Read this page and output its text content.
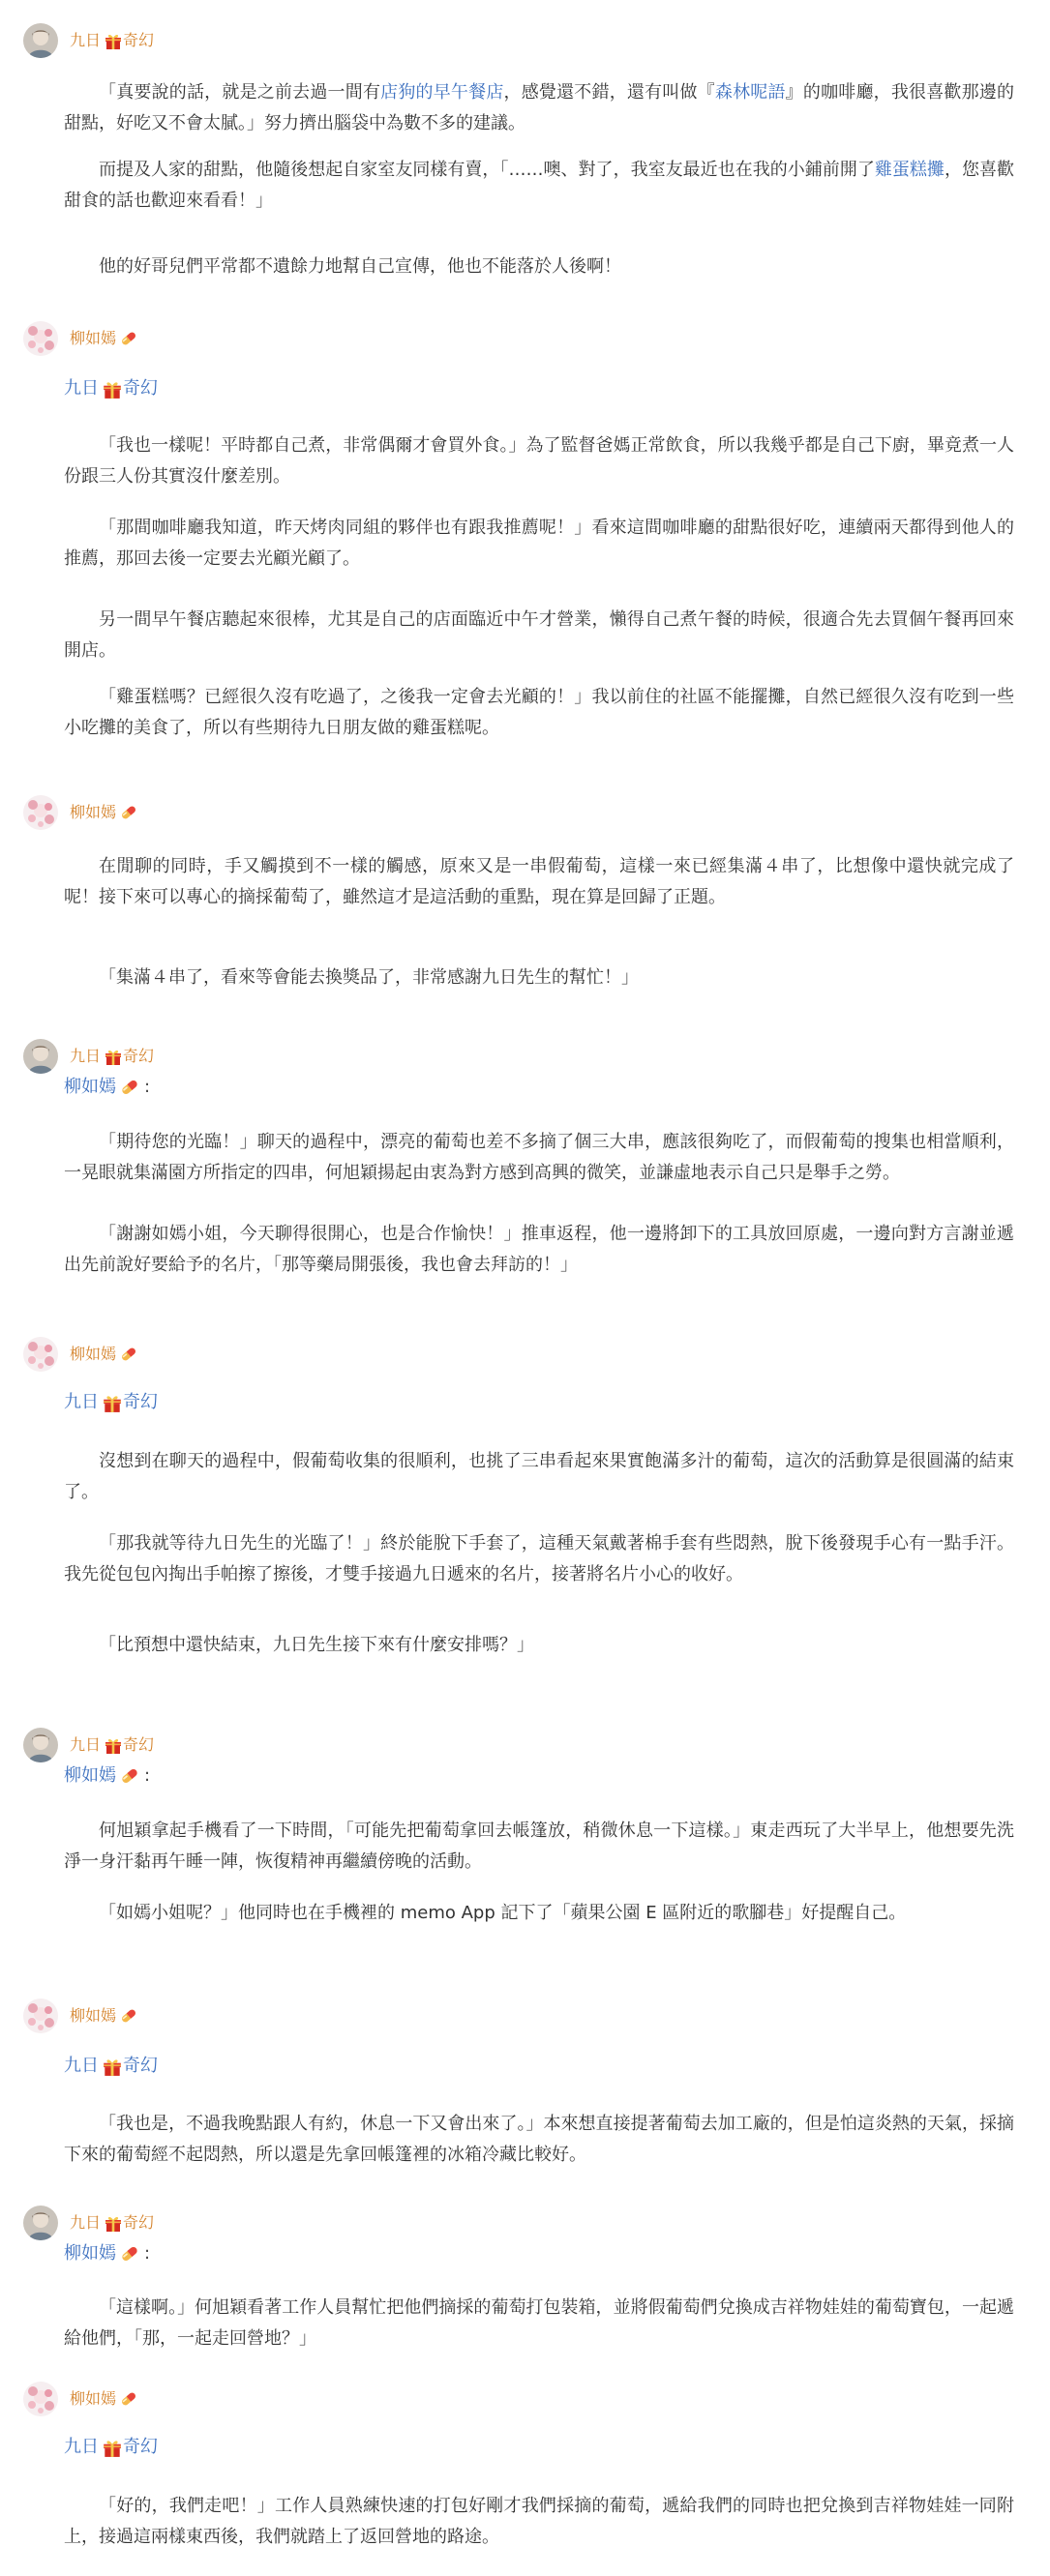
九日 奇幻

「真要說的話，就是之前去過一間有店狗的早午餐店，感覺還不錯，還有叫做『森林呢語』的咖啡廳，我很喜歡那邊的甜點，好吃又不會太膩。」努力擠出腦袋中為數不多的建議。

而提及人家的甜點，他隨後想起自家室友同樣有賣，「……噢、對了，我室友最近也在我的小鋪前開了雞蛋糕攤，您喜歡甜食的話也歡迎來看看！」

他的好哥兒們平常都不遺餘力地幫自己宣傳，他也不能落於人後啊！

柳如嫣
九日 奇幻

「我也一樣呢！平時都自己煮，非常偶爾才會買外食。」為了監督爸媽正常飲食，所以我幾乎都是自己下廚，畢竟煮一人份跟三人份其實沒什麼差別。

「那間咖啡廳我知道，昨天烤肉同組的夥伴也有跟我推薦呢！」看來這間咖啡廳的甜點很好吃，連續兩天都得到他人的推薦，那回去後一定要去光顧光顧了。

另一間早午餐店聽起來很棒，尤其是自己的店面臨近中午才營業，懶得自己煮午餐的時候，很適合先去買個午餐再回來開店。

「雞蛋糕嗎？已經很久沒有吃過了，之後我一定會去光顧的！」我以前住的社區不能擺攤，自然已經很久沒有吃到一些小吃攤的美食了，所以有些期待九日朋友做的雞蛋糕呢。

柳如嫣

在閒聊的同時，手又觸摸到不一樣的觸感，原來又是一串假葡萄，這樣一來已經集滿４串了，比想像中還快就完成了呢！接下來可以專心的摘採葡萄了，雖然這才是這活動的重點，現在算是回歸了正題。

「集滿４串了，看來等會能去換獎品了，非常感謝九日先生的幫忙！」

九日 奇幻
柳如嫣 :

「期待您的光臨！」聊天的過程中，漂亮的葡萄也差不多摘了個三大串，應該很夠吃了，而假葡萄的搜集也相當順利，一晃眼就集滿園方所指定的四串，何旭穎揚起由衷為對方感到高興的微笑，並謙虛地表示自己只是舉手之勞。

「謝謝如嫣小姐，今天聊得很開心，也是合作愉快！」推車返程，他一邊將卸下的工具放回原處，一邊向對方言謝並遞出先前說好要給予的名片，「那等藥局開張後，我也會去拜訪的！」

柳如嫣
九日 奇幻

沒想到在聊天的過程中，假葡萄收集的很順利，也挑了三串看起來果實飽滿多汁的葡萄，這次的活動算是很圓滿的結束了。

「那我就等待九日先生的光臨了！」終於能脫下手套了，這種天氣戴著棉手套有些悶熱，脫下後發現手心有一點手汗。我先從包包內掏出手帕擦了擦後，才雙手接過九日遞來的名片，接著將名片小心的收好。

「比預想中還快結束，九日先生接下來有什麼安排嗎？」

九日 奇幻
柳如嫣 :

何旭穎拿起手機看了一下時間，「可能先把葡萄拿回去帳篷放，稍微休息一下這樣。」東走西玩了大半早上，他想要先洗淨一身汗黏再午睡一陣，恢復精神再繼續傍晚的活動。

「如嫣小姐呢？」他同時也在手機裡的 memo App 記下了「蘋果公園 E 區附近的歌腳巷」好提醒自己。

柳如嫣
九日 奇幻

「我也是，不過我晚點跟人有約，休息一下又會出來了。」本來想直接提著葡萄去加工廠的，但是怕這炎熱的天氣，採摘下來的葡萄經不起悶熱，所以還是先拿回帳篷裡的冰箱冷藏比較好。

九日 奇幻
柳如嫣 :

「這樣啊。」何旭穎看著工作人員幫忙把他們摘採的葡萄打包裝箱，並將假葡萄們兌換成吉祥物娃娃的葡萄寶包，一起遞給他們，「那，一起走回營地？」

柳如嫣
九日 奇幻

「好的，我們走吧！」工作人員熟練快速的打包好剛才我們採摘的葡萄，遞給我們的同時也把兌換到吉祥物娃娃一同附上，接過這兩樣東西後，我們就踏上了返回營地的路途。
